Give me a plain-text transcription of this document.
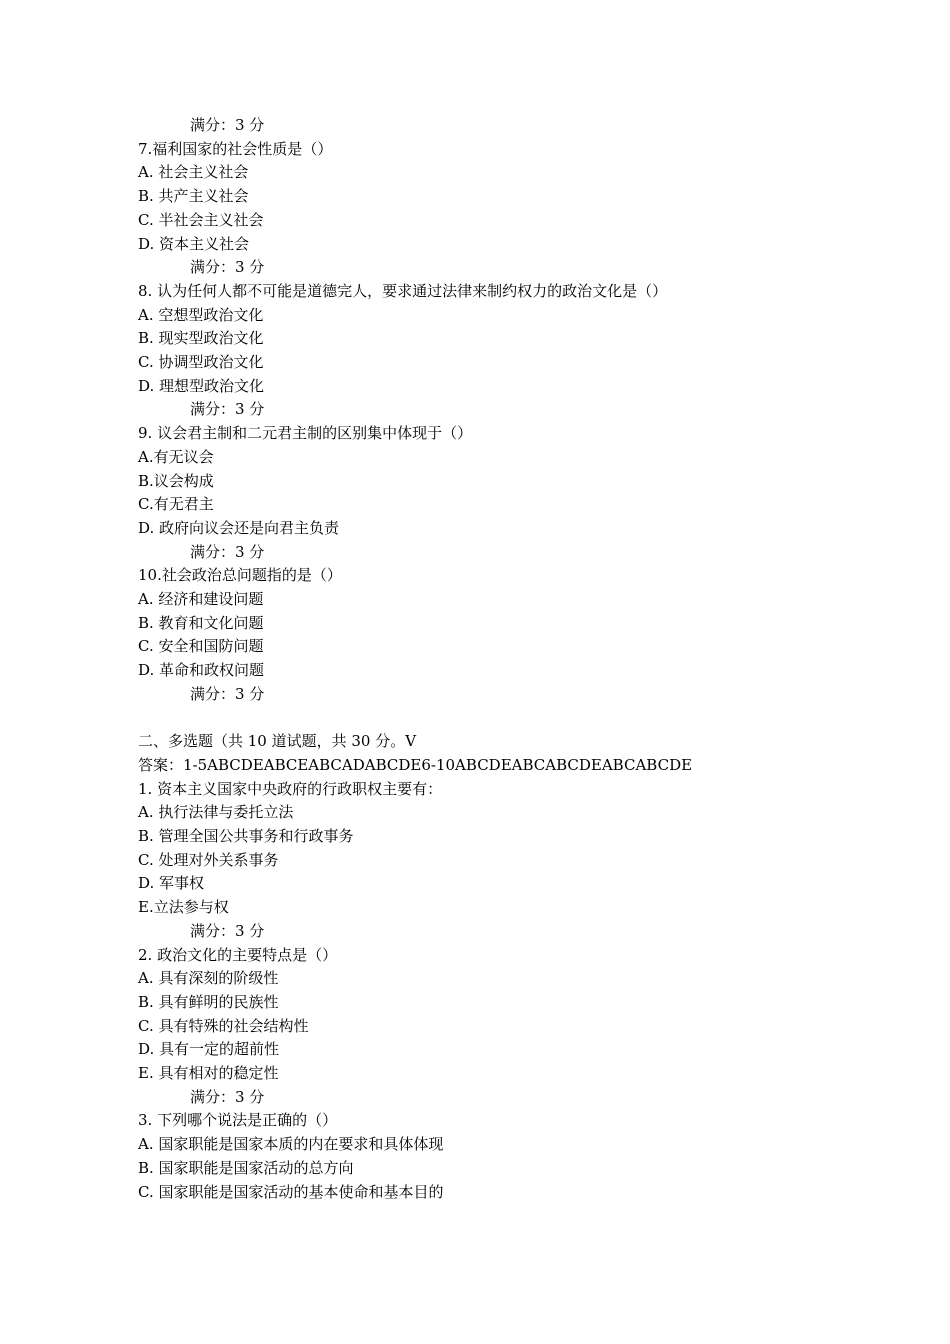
满分：3 分
7.福利国家的社会性质是（）
A. 社会主义社会
B. 共产主义社会
C. 半社会主义社会
D. 资本主义社会
满分：3 分
8. 认为任何人都不可能是道德完人，要求通过法律来制约权力的政治文化是（）
A. 空想型政治文化
B. 现实型政治文化
C. 协调型政治文化
D. 理想型政治文化
满分：3 分
9. 议会君主制和二元君主制的区别集中体现于（）
A.有无议会
B.议会构成
C.有无君主
D. 政府向议会还是向君主负责
满分：3 分
10.社会政治总问题指的是（）
A. 经济和建设问题
B. 教育和文化问题
C. 安全和国防问题
D. 革命和政权问题
满分：3 分
二、多选题（共 10 道试题，共 30 分。V
答案：1-5ABCDEABCEABCADABCDE6-10ABCDEABCABCDEABCABCDE
1. 资本主义国家中央政府的行政职权主要有：
A. 执行法律与委托立法
B. 管理全国公共事务和行政事务
C. 处理对外关系事务
D. 军事权
E.立法参与权
满分：3 分
2. 政治文化的主要特点是（）
A. 具有深刻的阶级性
B. 具有鲜明的民族性
C. 具有特殊的社会结构性
D. 具有一定的超前性
E. 具有相对的稳定性
满分：3 分
3. 下列哪个说法是正确的（）
A. 国家职能是国家本质的内在要求和具体体现
B. 国家职能是国家活动的总方向
C. 国家职能是国家活动的基本使命和基本目的
